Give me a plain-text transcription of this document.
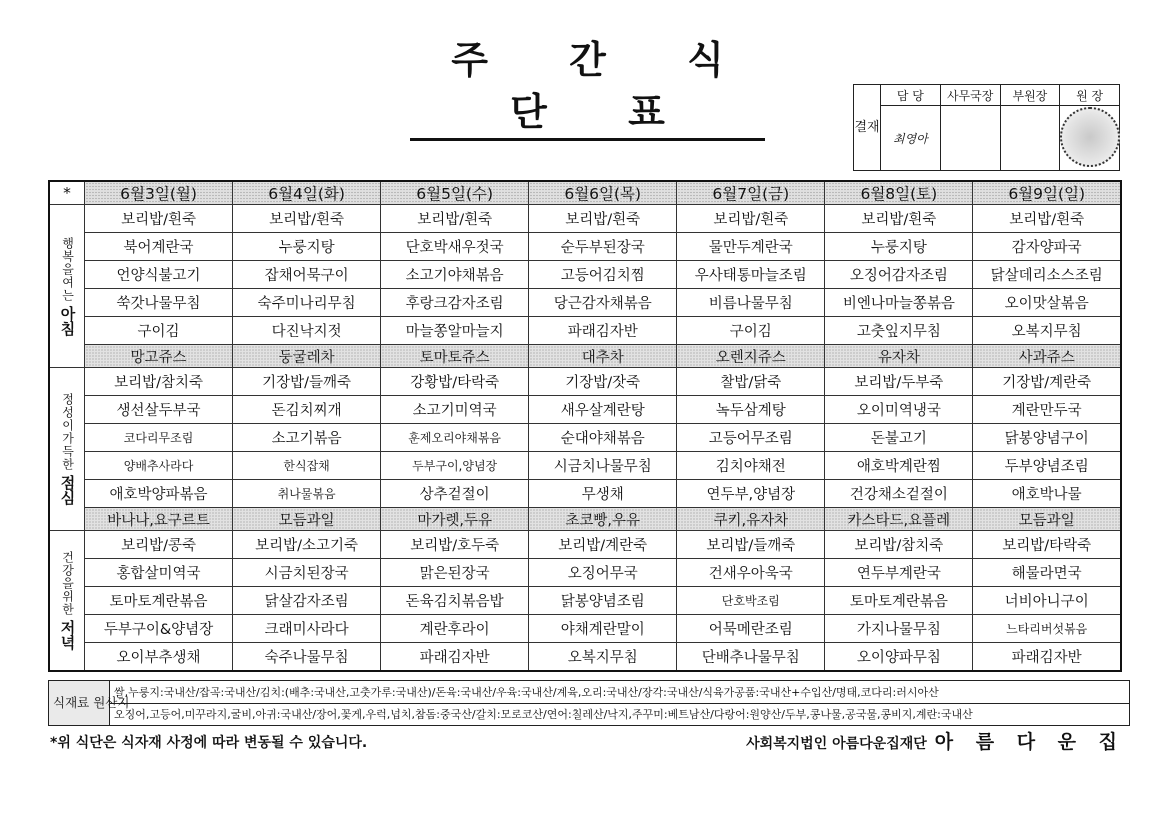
주 간 식 단 표	결재	담 당	사무국장	부원장	원 장
	최영아			
*	6월3일(월)	6월4일(화)	6월5일(수)	6월6일(목)	6월7일(금)	6월8일(토)	6월9일(일)

행복을여는
아침	보리밥/흰죽	보리밥/흰죽	보리밥/흰죽	보리밥/흰죽	보리밥/흰죽	보리밥/흰죽	보리밥/흰죽
	북어계란국	누룽지탕	단호박새우젓국	순두부된장국	물만두계란국	누룽지탕	감자양파국
	언양식불고기	잡채어묵구이	소고기야채볶음	고등어김치찜	우사태통마늘조림	오징어감자조림	닭살데리소스조림
	쑥갓나물무침	숙주미나리무침	후랑크감자조림	당근감자채볶음	비름나물무침	비엔나마늘쫑볶음	오이맛살볶음
	구이김	다진낙지젓	마늘쫑알마늘지	파래김자반	구이김	고춧잎지무침	오복지무침
	망고쥬스	둥굴레차	토마토쥬스	대추차	오렌지쥬스	유자차	사과쥬스

정성이가득한
점심	보리밥/참치죽	기장밥/들깨죽	강황밥/타락죽	기장밥/잣죽	찰밥/닭죽	보리밥/두부죽	기장밥/계란죽
	생선살두부국	돈김치찌개	소고기미역국	새우살계란탕	녹두삼계탕	오이미역냉국	계란만두국
	코다리무조림	소고기볶음	훈제오리야채볶음	순대야채볶음	고등어무조림	돈불고기	닭봉양념구이
	양배추사라다	한식잡채	두부구이,양념장	시금치나물무침	김치야채전	애호박계란찜	두부양념조림
	애호박양파볶음	취나물볶음	상추겉절이	무생채	연두부,양념장	건강채소겉절이	애호박나물
	바나나,요구르트	모듬과일	마가렛,두유	초코빵,우유	쿠키,유자차	카스타드,요플레	모듬과일

건강을위한
저녁	보리밥/콩죽	보리밥/소고기죽	보리밥/호두죽	보리밥/계란죽	보리밥/들깨죽	보리밥/참치죽	보리밥/타락죽
	홍합살미역국	시금치된장국	맑은된장국	오징어무국	건새우아욱국	연두부계란국	해물라면국
	토마토계란볶음	닭살감자조림	돈육김치볶음밥	닭봉양념조림	단호박조림	토마토계란볶음	너비아니구이
	두부구이&양념장	크래미사라다	계란후라이	야채계란말이	어묵메란조림	가지나물무침	느타리버섯볶음
	오이부추생채	숙주나물무침	파래김자반	오복지무침	단배추나물무침	오이양파무침	파래김자반
식재료 원산지	쌀,누룽지:국내산/잡곡:국내산/김치:(배추:국내산,고춧가루:국내산)/돈육:국내산/우육:국내산/계육,오리:국내산/장각:국내산/식육가공품:국내산+수입산/명태,코다리:러시아산
오징어,고등어,미꾸라지,굴비,아귀:국내산/장어,꽃게,우럭,넙치,참돔:중국산/갈치:모로코산/연어:칠레산/낙지,주꾸미:베트남산/다랑어:원양산/두부,콩나물,공국물,콩비지,계란:국내산
*위 식단은 식자재 사정에 따라 변동될 수 있습니다.	사회복지법인 아름다운집재단 아 름 다 운 집
